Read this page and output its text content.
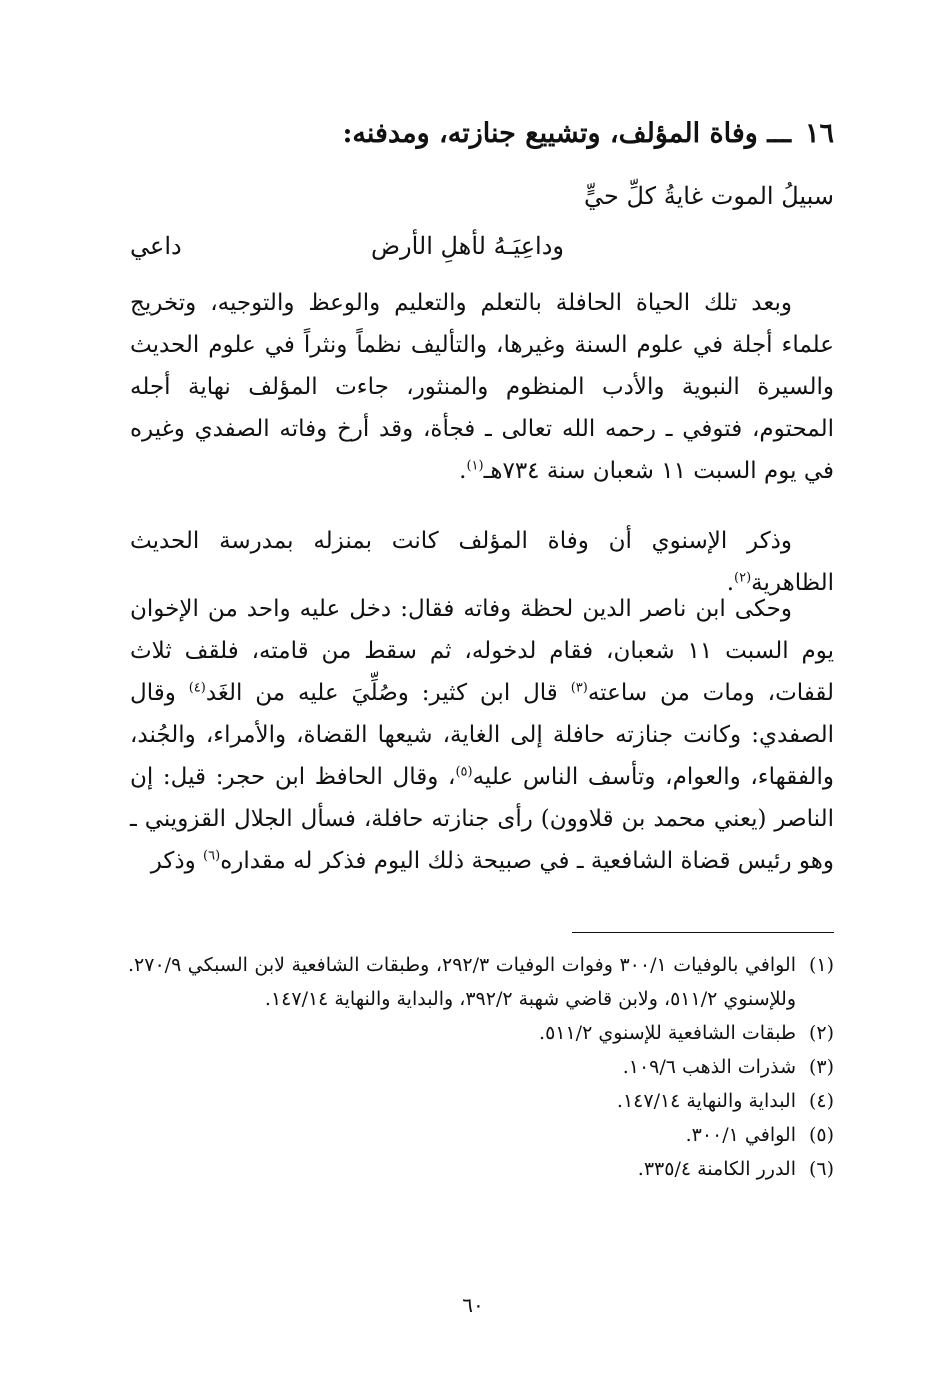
١٦ـــ وفاة المؤلف، وتشييع جنازته، ومدفنه:
سبيلُ الموت غايةُ كلِّ حيٍّ
وداعِيَـهُ لأهلِ الأرض
داعي

وبعد تلك الحياة الحافلة بالتعلم والتعليم والوعظ والتوجيه، وتخريج علماء أجلة في علوم السنة وغيرها، والتأليف نظماً ونثراً في علوم الحديث والسيرة النبوية والأدب المنظوم والمنثور، جاءت المؤلف نهاية أجله المحتوم، فتوفي ـ رحمه الله تعالى ـ فجأة، وقد أرخ وفاته الصفدي وغيره في يوم السبت ١١ شعبان سنة ٧٣٤هـ$^{(١)}$.

وذكر الإسنوي أن وفاة المؤلف كانت بمنزله بمدرسة الحديث الظاهرية$^{(٢)}$.

وحكى ابن ناصر الدين لحظة وفاته فقال: دخل عليه واحد من الإخوان يوم السبت ١١ شعبان، فقام لدخوله، ثم سقط من قامته، فلقف ثلاث لقفات، ومات من ساعته$^{(٣)}$ قال ابن كثير: وصُلِّيَ عليه من الغَد$^{(٤)}$ وقال الصفدي: وكانت جنازته حافلة إلى الغاية، شيعها القضاة، والأمراء، والجُند، والفقهاء، والعوام، وتأسف الناس عليه$^{(٥)}$، وقال الحافظ ابن حجر: قيل: إن الناصر (يعني محمد بن قلاوون) رأى جنازته حافلة، فسأل الجلال القزويني ـ وهو رئيس قضاة الشافعية ـ في صبيحة ذلك اليوم فذكر له مقداره$^{(٦)}$ وذكر

(١)
الوافي بالوفيات ٣٠٠/١ وفوات الوفيات ٢٩٢/٣، وطبقات الشافعية لابن السبكي ٢٧٠/٩. وللإسنوي ٥١١/٢، ولابن قاضي شهبة ٣٩٢/٢، والبداية والنهاية ١٤٧/١٤.
(٢)
طبقات الشافعية للإسنوي ٥١١/٢.
(٣)
شذرات الذهب ١٠٩/٦.
(٤)
البداية والنهاية ١٤٧/١٤.
(٥)
الوافي ٣٠٠/١.
(٦)
الدرر الكامنة ٣٣٥/٤.
٦٠
